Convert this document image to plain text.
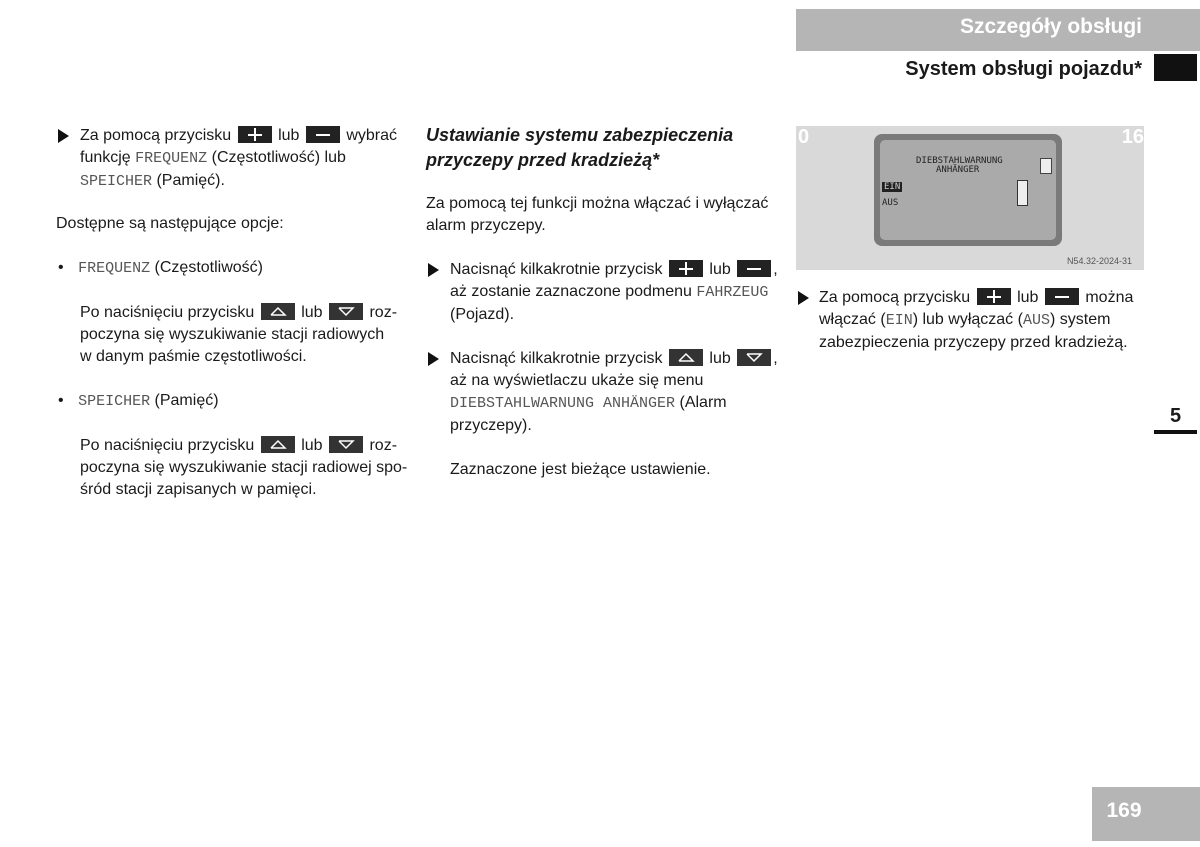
Szczegóły obsługi
System obsługi pojazdu*
Za pomocą przycisku	lub	wybrać
funkcję FREQUENZ (Częstotliwość) lub
SPEICHER (Pamięć).
Dostępne są następujące opcje:
• FREQUENZ (Częstotliwość)
Po naciśnięciu przycisku	lub	roz-
poczyna się wyszukiwanie stacji radiowych
w danym paśmie częstotliwości.
• SPEICHER (Pamięć)
Po naciśnięciu przycisku	lub	roz-
poczyna się wyszukiwanie stacji radiowej spo-
śród stacji zapisanych w pamięci.
Ustawianie systemu zabezpieczenia
przyczepy przed kradzieżą*
Za pomocą tej funkcji można włączać i wyłączać
alarm przyczepy.
Nacisnąć kilkakrotnie przycisk	lub	,
aż zostanie zaznaczone podmenu FAHRZEUG
(Pojazd).
Nacisnąć kilkakrotnie przycisk	lub	,
aż na wyświetlaczu ukaże się menu
DIEBSTAHLWARNUNG ANHÄNGER (Alarm
przyczepy).
Zaznaczone jest bieżące ustawienie.
0	16
DIEBSTAHLWARNUNG
ANHÄNGER
EIN
AUS
N54.32-2024-31
Za pomocą przycisku	lub	można
włączać (EIN) lub wyłączać (AUS) system
zabezpieczenia przyczepy przed kradzieżą.
5
169
